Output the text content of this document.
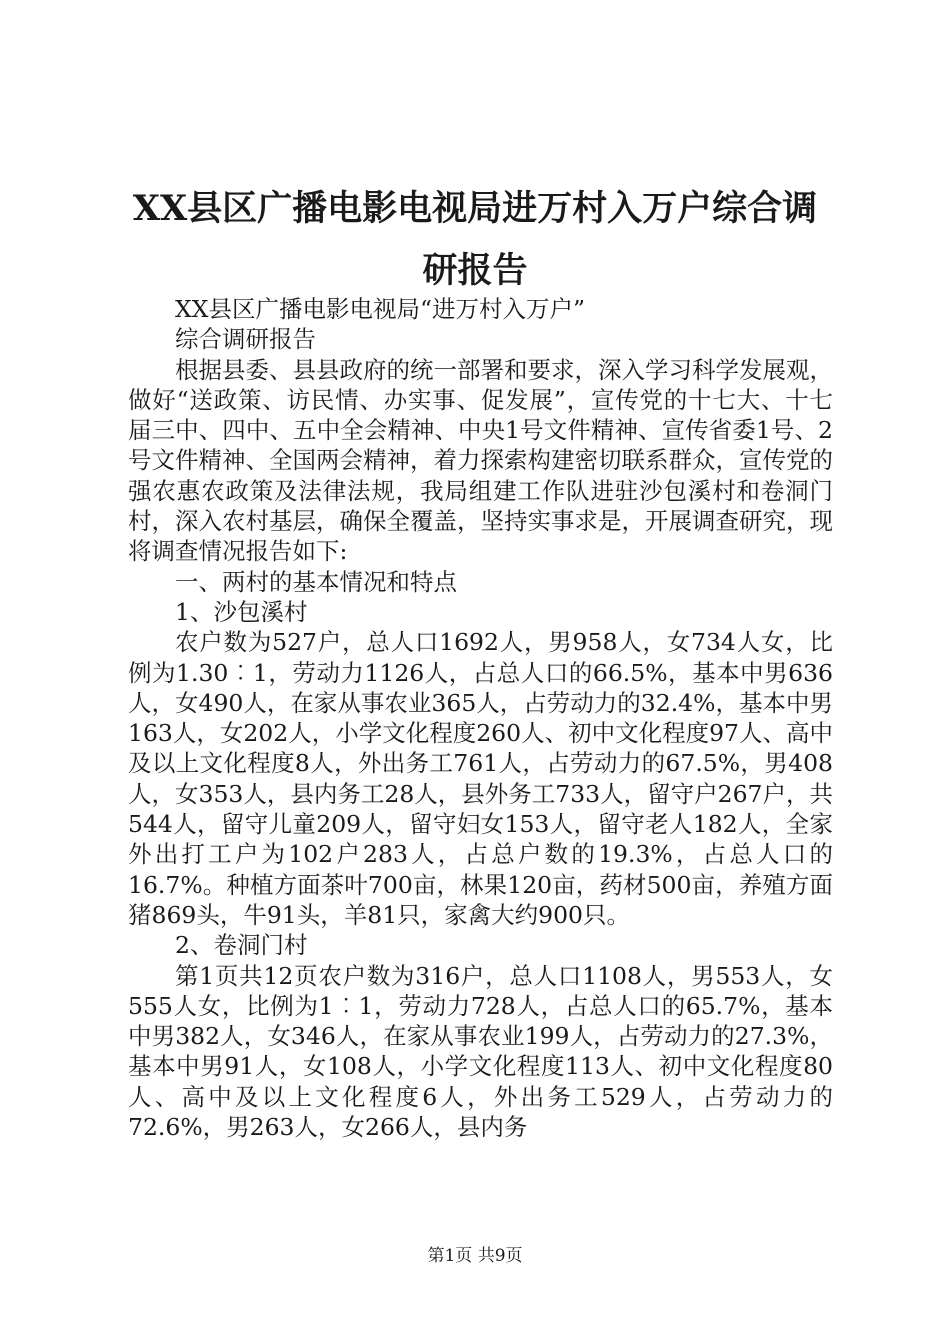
XX县区广播电影电视局进万村入万户综合调
研报告

XX县区广播电影电视局“进万村入万户”

综合调研报告

根据县委、县县政府的统一部署和要求，深入学习科学发展观，做好“送政策、访民情、办实事、促发展”，宣传党的十七大、十七届三中、四中、五中全会精神、中央1号文件精神、宣传省委1号、2号文件精神、全国两会精神，着力探索构建密切联系群众，宣传党的强农惠农政策及法律法规，我局组建工作队进驻沙包溪村和卷洞门村，深入农村基层，确保全覆盖，坚持实事求是，开展调查研究，现将调查情况报告如下:

一、两村的基本情况和特点

1、沙包溪村

农户数为527户，总人口1692人，男958人，女734人女，比例为1.30︰1，劳动力1126人，占总人口的66.5%，基本中男636人，女490人，在家从事农业365人，占劳动力的32.4%，基本中男163人，女202人，小学文化程度260人、初中文化程度97人、高中及以上文化程度8人，外出务工761人，占劳动力的67.5%，男408人，女353人，县内务工28人，县外务工733人，留守户267户，共544人，留守儿童209人，留守妇女153人，留守老人182人，全家外出打工户为102户283人，占总户数的19.3%，占总人口的16.7%。种植方面茶叶700亩，林果120亩，药材500亩，养殖方面猪869头，牛91头，羊81只，家禽大约900只。

2、卷洞门村

第1页共12页农户数为316户，总人口1108人，男553人，女555人女，比例为1︰1，劳动力728人，占总人口的65.7%，基本中男382人，女346人，在家从事农业199人，占劳动力的27.3%，基本中男91人，女108人，小学文化程度113人、初中文化程度80人、高中及以上文化程度6人，外出务工529人，占劳动力的72.6%，男263人，女266人，县内务

第1页 共9页
